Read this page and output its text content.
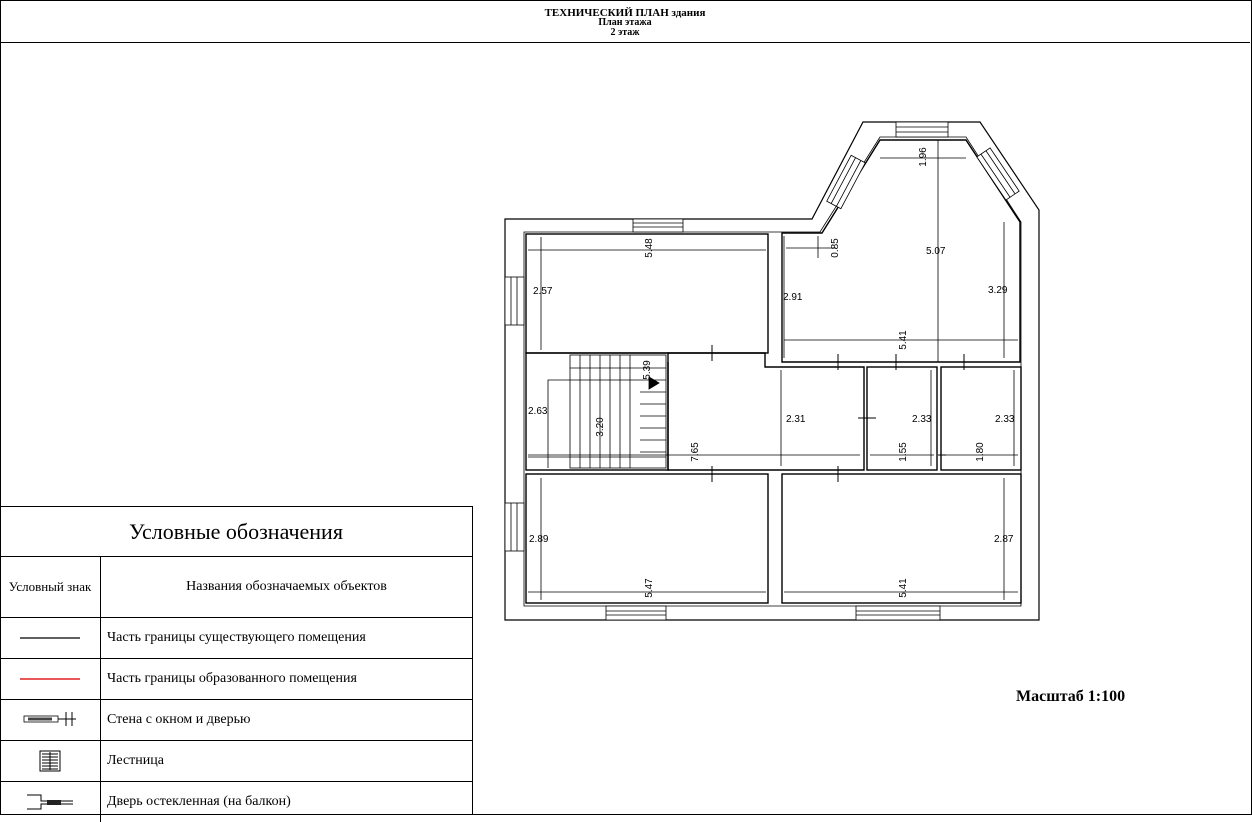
ТЕХНИЧЕСКИЙ ПЛАН здания
План этажа
2 этаж
5.48
2.57
1.96
0.85	5.07
2.91
3.29
5.41
5.39
3.20
2.63
7.65
2.31	2.33
1.55
2.33
1.80
2.89
5.47
2.87
5.41
Условные обозначения
Условный знак	Названия обозначаемых объектов
Часть границы существующего помещения
Часть границы образованного помещения
Стена с окном и дверью
Лестница
Дверь остекленная (на балкон)
Масштаб 1:100
